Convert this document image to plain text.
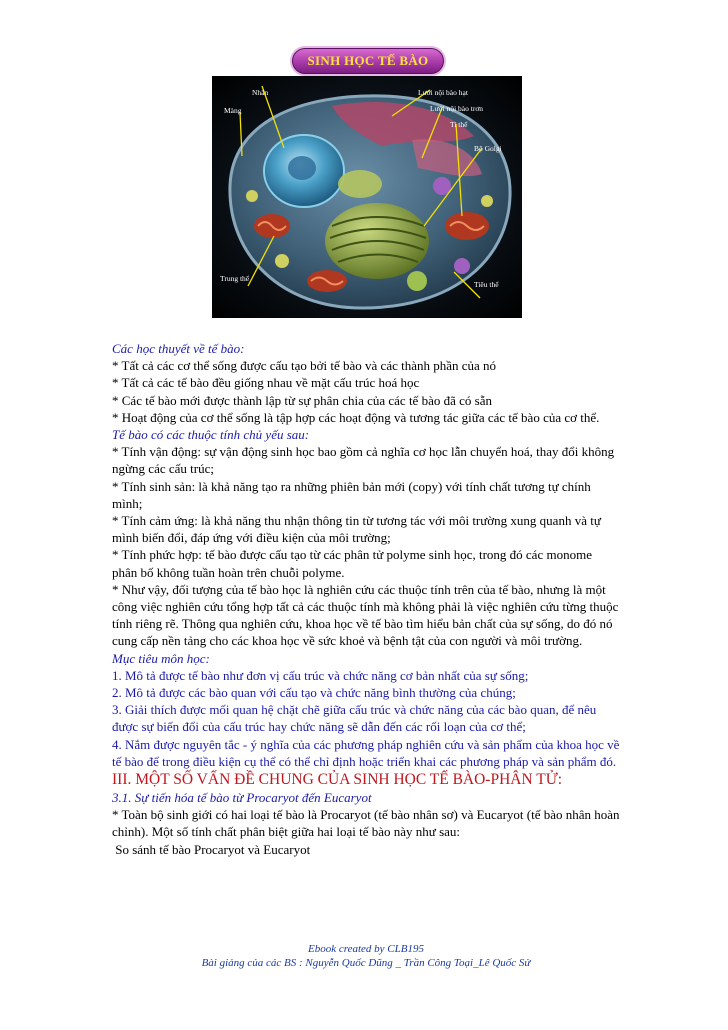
SINH HỌC TẾ BÀO
Nhân
Màng
Lưới nội bào hạt
Lưới nội bào trơn
Ti thể
Bộ Golgi
Trung thể
Tiêu thể

Các học thuyết về tế bào:

* Tất cả các cơ thể sống được cấu tạo bởi tế bào và các thành phần của nó

* Tất cả các tế bào đều giống nhau về mặt cấu trúc hoá học

* Các tế bào mới được thành lập từ sự phân chia của các tế bào đã có sẵn

* Hoạt động của cơ thể sống là tập hợp các hoạt động và tương tác giữa các tế bào của cơ thể.

Tế bào có các thuộc tính chủ yếu sau:

* Tính vận động: sự vận động sinh học bao gồm cả nghĩa cơ học lẫn chuyển hoá, thay đổi không ngừng các cấu trúc;

* Tính sinh sản: là khả năng tạo ra những phiên bản mới (copy) với tính chất tương tự chính mình;

* Tính cảm ứng: là khả năng thu nhận thông tin từ tương tác với môi trường xung quanh và tự mình biến đổi, đáp ứng với điều kiện của môi trường;

* Tính phức hợp: tế bào được cấu tạo từ các phân tử polyme sinh học, trong đó các monome phân bố không tuần hoàn trên chuỗi polyme.

* Như vậy, đối tượng của tế bào học là nghiên cứu các thuộc tính trên của tế bào, nhưng là một công việc nghiên cứu tổng hợp tất cả các thuộc tính mà không phải là việc nghiên cứu từng thuộc tính riêng rẽ. Thông qua nghiên cứu, khoa học về tế bào tìm hiểu bản chất của sự sống, do đó nó cung cấp nền tảng cho các khoa học về sức khoẻ và bệnh tật của con người và môi trường.

Mục tiêu môn học:

1. Mô tả được tế bào như đơn vị cấu trúc và chức năng cơ bản nhất của sự sống;

2. Mô tả được các bào quan với cấu tạo và chức năng bình thường của chúng;

3. Giải thích được mối quan hệ chặt chẽ giữa cấu trúc và chức năng của các bào quan, để nêu được sự biến đổi của cấu trúc hay chức năng sẽ dẫn đến các rối loạn của cơ thể;

4. Nắm được nguyên tắc - ý nghĩa của các phương pháp nghiên cứu và sản phẩm của khoa học về tế bào để trong điều kiện cụ thể có thể chỉ định hoặc triển khai các phương pháp và sản phẩm đó.

III. MỘT SỐ VẤN ĐỀ CHUNG CỦA SINH HỌC TẾ BÀO-PHÂN TỬ:

3.1. Sự tiến hóa tế bào từ Procaryot đến Eucaryot

* Toàn bộ sinh giới có hai loại tế bào là Procaryot (tế bào nhân sơ) và Eucaryot (tế bào nhân hoàn chỉnh). Một số tính chất phân biệt giữa hai loại tế bào này như sau:

So sánh tế bào Procaryot và Eucaryot

Ebook created by CLB195
Bài giảng của các BS : Nguyễn Quốc Dũng _ Trần Công Toại_Lê Quốc Sử
